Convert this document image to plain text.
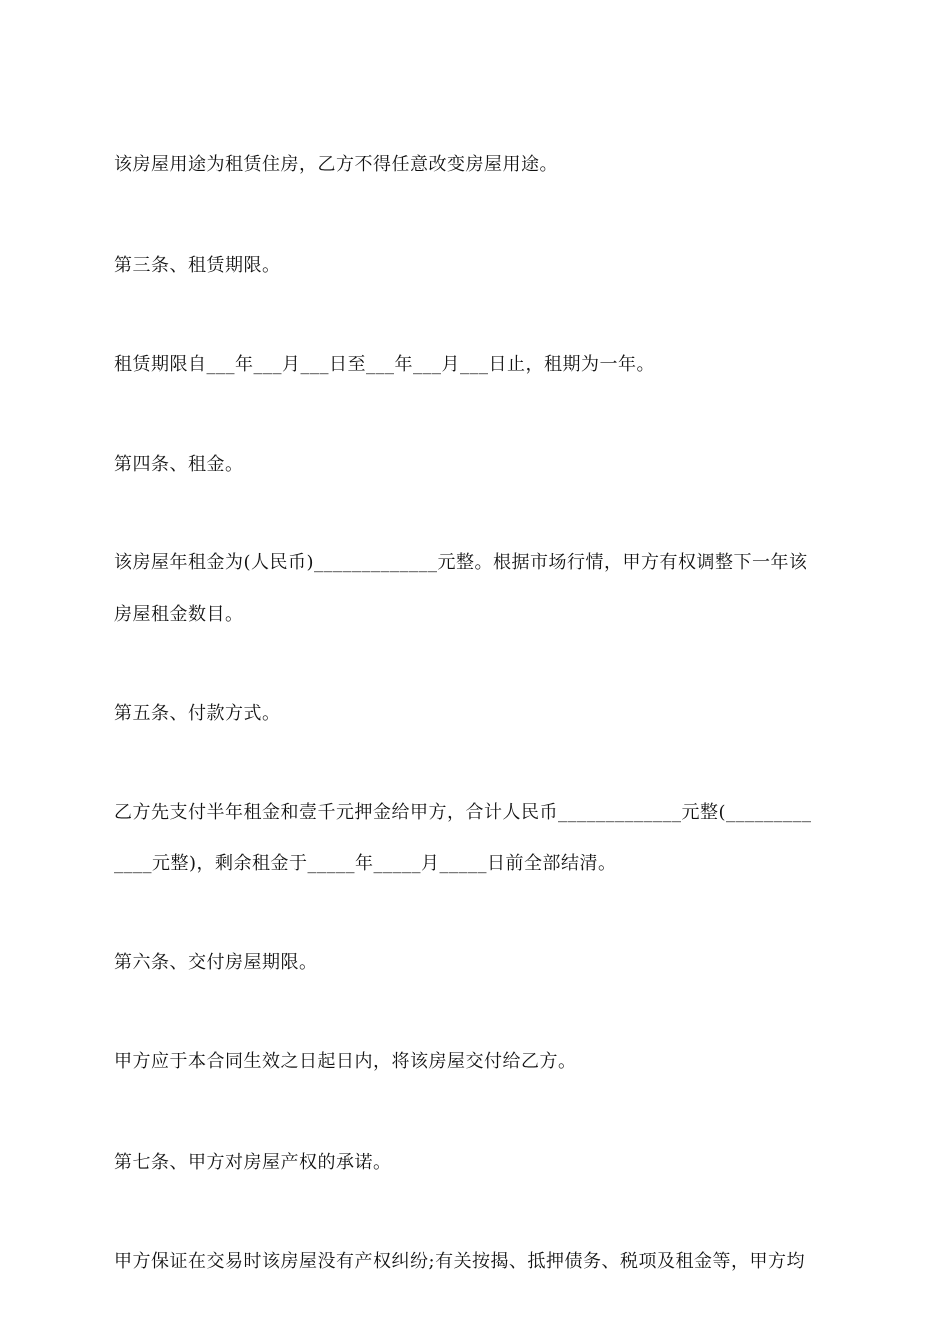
该房屋用途为租赁住房，乙方不得任意改变房屋用途。
第三条、租赁期限。
租赁期限自___年___月___日至___年___月___日止，租期为一年。
第四条、租金。
该房屋年租金为(人民币)_____________元整。根据市场行情，甲方有权调整下一年该
房屋租金数目。
第五条、付款方式。
乙方先支付半年租金和壹千元押金给甲方，合计人民币_____________元整(_________
____元整)，剩余租金于_____年_____月_____日前全部结清。
第六条、交付房屋期限。
甲方应于本合同生效之日起日内，将该房屋交付给乙方。
第七条、甲方对房屋产权的承诺。
甲方保证在交易时该房屋没有产权纠纷;有关按揭、抵押债务、税项及租金等，甲方均
